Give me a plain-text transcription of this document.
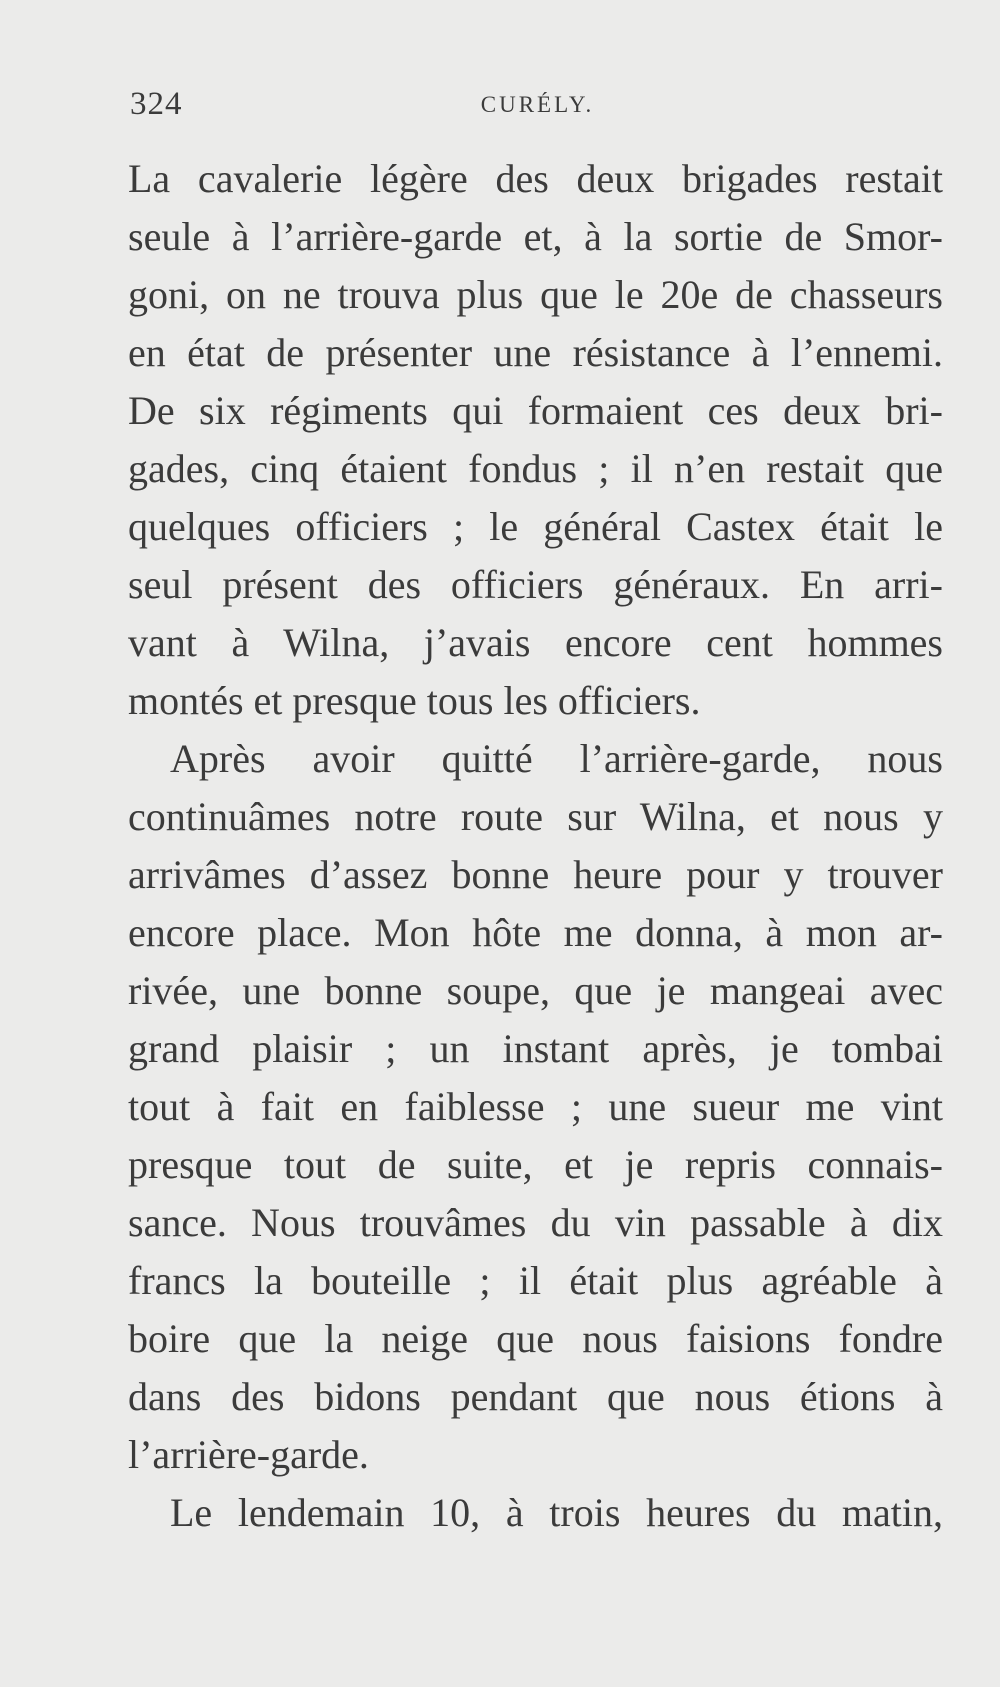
324	CURÉLY.
La cavalerie légère des deux brigades restait
seule à l’arrière-garde et, à la sortie de Smor-
goni, on ne trouva plus que le 20e de chasseurs
en état de présenter une résistance à l’ennemi.
De six régiments qui formaient ces deux bri-
gades, cinq étaient fondus ; il n’en restait que
quelques officiers ; le général Castex était le
seul présent des officiers généraux. En arri-
vant à Wilna, j’avais encore cent hommes
montés et presque tous les officiers.
Après avoir quitté l’arrière-garde, nous
continuâmes notre route sur Wilna, et nous y
arrivâmes d’assez bonne heure pour y trouver
encore place. Mon hôte me donna, à mon ar-
rivée, une bonne soupe, que je mangeai avec
grand plaisir ; un instant après, je tombai
tout à fait en faiblesse ; une sueur me vint
presque tout de suite, et je repris connais-
sance. Nous trouvâmes du vin passable à dix
francs la bouteille ; il était plus agréable à
boire que la neige que nous faisions fondre
dans des bidons pendant que nous étions à
l’arrière-garde.
Le lendemain 10, à trois heures du matin,
